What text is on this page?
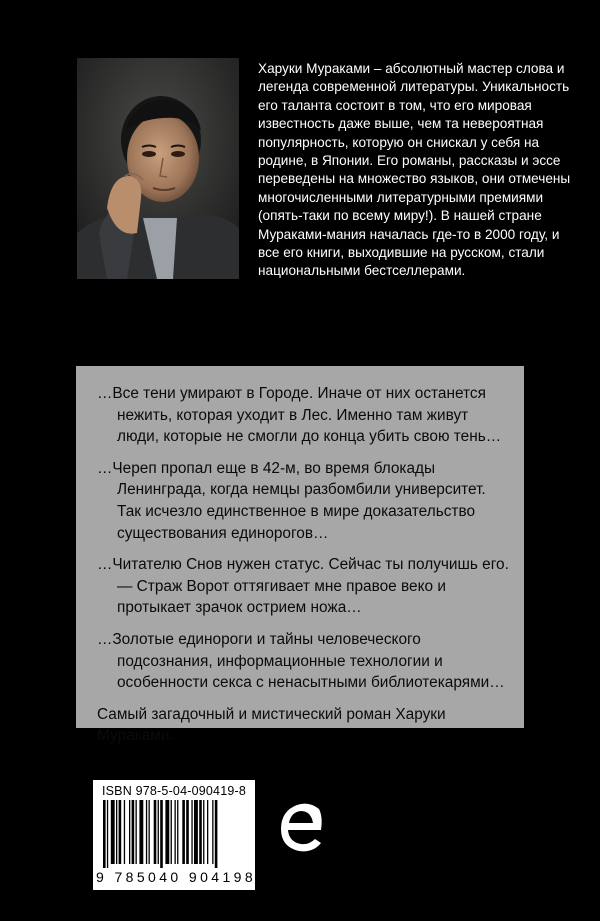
Харуки Мураками – абсолютный мастер слова и легенда современной литературы. Уникальность его таланта состоит в том, что его мировая известность даже выше, чем та невероятная популярность, которую он снискал у себя на родине, в Японии. Его романы, рассказы и эссе переведены на множество языков, они отмечены многочисленными литературными премиями (опять-таки по всему миру!). В нашей стране Мураками-мания началась где-то в 2000 году, и все его книги, выходившие на русском, стали национальными бестселлерами.

…Все тени умирают в Городе. Иначе от них останется нежить, которая уходит в Лес. Именно там живут люди, которые не смогли до конца убить свою тень…

…Череп пропал еще в 42-м, во время блокады Ленинграда, когда немцы разбомбили университет. Так исчезло единственное в мире доказательство существования единорогов…

…Читателю Снов нужен статус. Сейчас ты получишь его.— Страж Ворот оттягивает мне правое веко и протыкает зрачок острием ножа…

…Золотые единороги и тайны человеческого подсознания, информационные технологии и особенности секса с ненасытными библиотекарями…

Самый загадочный и мистический роман Харуки Мураками.

ISBN 978-5-04-090419-8
9 785040 904198 >
